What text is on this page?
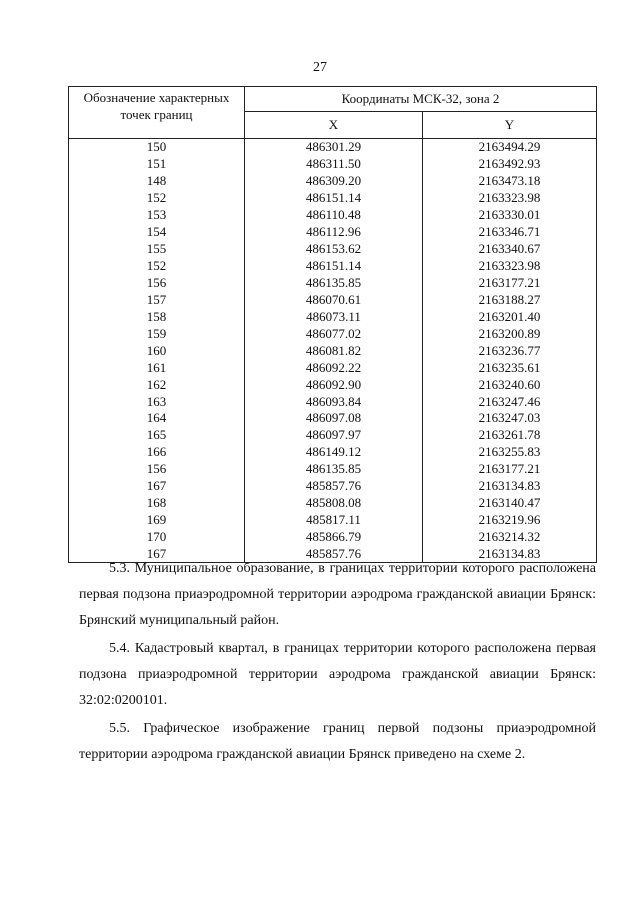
27
Обозначение характерных точек границ	Координаты МСК-32, зона 2	
	X	Y
150	486301.29	2163494.29
151	486311.50	2163492.93
148	486309.20	2163473.18
152	486151.14	2163323.98
153	486110.48	2163330.01
154	486112.96	2163346.71
155	486153.62	2163340.67
152	486151.14	2163323.98
156	486135.85	2163177.21
157	486070.61	2163188.27
158	486073.11	2163201.40
159	486077.02	2163200.89
160	486081.82	2163236.77
161	486092.22	2163235.61
162	486092.90	2163240.60
163	486093.84	2163247.46
164	486097.08	2163247.03
165	486097.97	2163261.78
166	486149.12	2163255.83
156	486135.85	2163177.21
167	485857.76	2163134.83
168	485808.08	2163140.47
169	485817.11	2163219.96
170	485866.79	2163214.32
167	485857.76	2163134.83

5.3. Муниципальное образование, в границах территории которого расположена первая подзона приаэродромной территории аэродрома гражданской авиации Брянск: Брянский муниципальный район.

5.4. Кадастровый квартал, в границах территории которого расположена первая подзона приаэродромной территории аэродрома гражданской авиации Брянск: 32:02:0200101.

5.5. Графическое изображение границ первой подзоны приаэродромной территории аэродрома гражданской авиации Брянск приведено на схеме 2.
